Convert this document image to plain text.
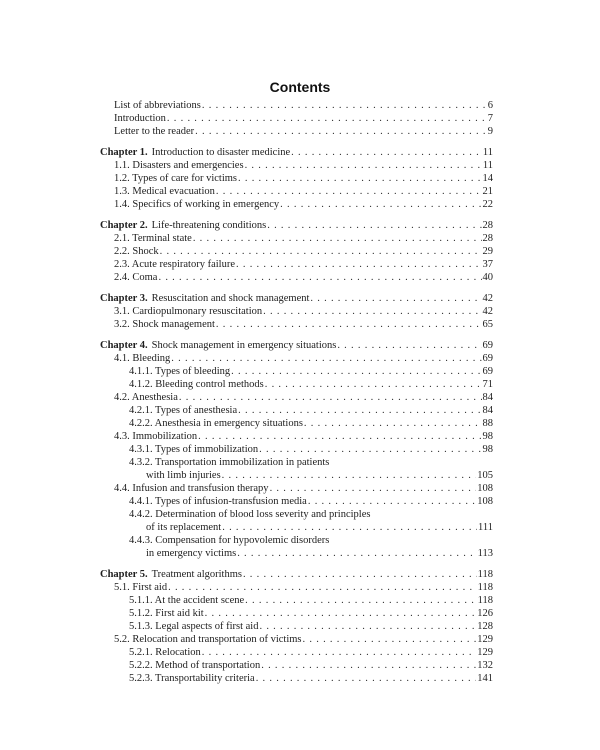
Contents
List of abbreviations . . .	6
Introduction . . .	7
Letter to the reader . . .	9
Chapter 1. Introduction to disaster medicine . . .	11
1.1. Disasters and emergencies . . .	11
1.2. Types of care for victims . . .	14
1.3. Medical evacuation . . .	21
1.4. Specifics of working in emergency . . .	22
Chapter 2. Life-threatening conditions . . .	28
2.1. Terminal state . . .	28
2.2. Shock . . .	29
2.3. Acute respiratory failure . . .	37
2.4. Coma . . .	40
Chapter 3. Resuscitation and shock management . . .	42
3.1. Cardiopulmonary resuscitation . . .	42
3.2. Shock management . . .	65
Chapter 4. Shock management in emergency situations . . .	69
4.1. Bleeding . . .	69
4.1.1. Types of bleeding . . .	69
4.1.2. Bleeding control methods . . .	71
4.2. Anesthesia . . .	84
4.2.1. Types of anesthesia . . .	84
4.2.2. Anesthesia in emergency situations . . .	88
4.3. Immobilization . . .	98
4.3.1. Types of immobilization . . .	98
4.3.2. Transportation immobilization in patients
with limb injuries . . .	105
4.4. Infusion and transfusion therapy . . .	108
4.4.1. Types of infusion-transfusion media . . .	108
4.4.2. Determination of blood loss severity and principles
of its replacement . . .	111
4.4.3. Compensation for hypovolemic disorders
in emergency victims . . .	113
Chapter 5. Treatment algorithms . . .	118
5.1. First aid . . .	118
5.1.1. At the accident scene . . .	118
5.1.2. First aid kit . . .	126
5.1.3. Legal aspects of first aid . . .	128
5.2. Relocation and transportation of victims . . .	129
5.2.1. Relocation . . .	129
5.2.2. Method of transportation . . .	132
5.2.3. Transportability criteria . . .	141
